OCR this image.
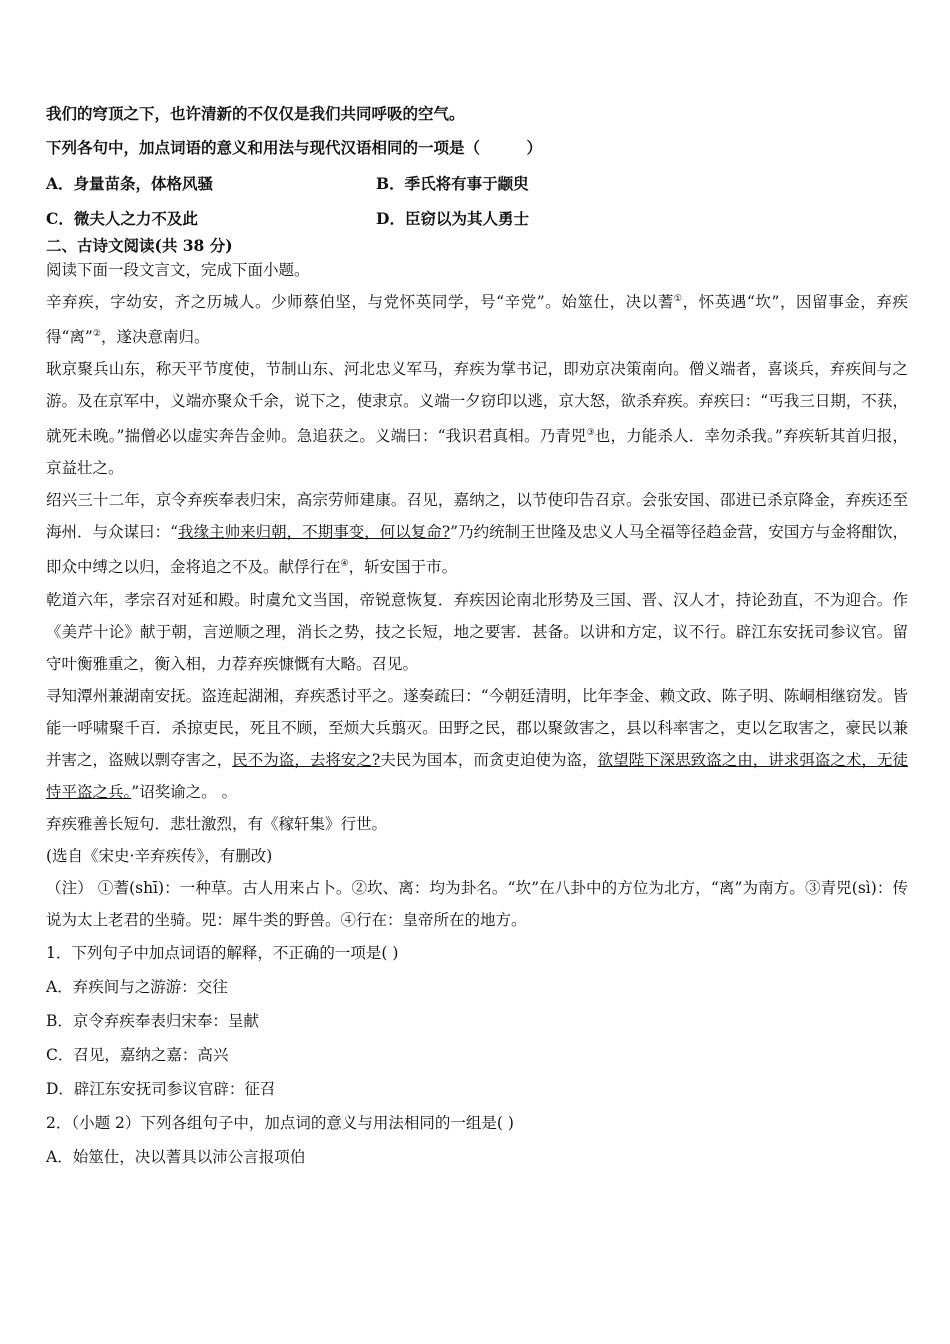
我们的穹顶之下，也许清新的不仅仅是我们共同呼吸的空气。
下列各句中，加点词语的意义和用法与现代汉语相同的一项是（　　　）
A．身量苗条，体格风骚	B．季氏将有事于颛臾
C．微夫人之力不及此	D．臣窃以为其人勇士
二、古诗文阅读(共 38 分)
阅读下面一段文言文，完成下面小题。

辛弃疾，字幼安，齐之历城人。少师蔡伯坚，与党怀英同学，号“辛党”。始筮仕，决以蓍①，怀英遇“坎”，因留事金，弃疾得“离”②，遂决意南归。

耿京聚兵山东，称天平节度使，节制山东、河北忠义军马，弃疾为掌书记，即劝京决策南向。僧义端者，喜谈兵，弃疾间与之游。及在京军中，义端亦聚众千余，说下之，使隶京。义端一夕窃印以逃，京大怒，欲杀弃疾。弃疾曰：“丐我三日期，不获，就死未晚。”揣僧必以虚实奔告金帅。急追获之。义端曰：“我识君真相。乃青兕③也，力能杀人．幸勿杀我。”弃疾斩其首归报，京益壮之。

绍兴三十二年，京令弃疾奉表归宋，高宗劳师建康。召见，嘉纳之，以节使印告召京。会张安国、邵进已杀京降金，弃疾还至海州．与众谋曰：“我缘主帅来归朝，不期事变，何以复命?”乃约统制王世隆及忠义人马全福等径趋金营，安国方与金将酣饮，即众中缚之以归，金将追之不及。献俘行在④，斩安国于市。

乾道六年，孝宗召对延和殿。时虞允文当国，帝锐意恢复．弃疾因论南北形势及三国、晋、汉人才，持论劲直，不为迎合。作《美芹十论》献于朝，言逆顺之理，消长之势，技之长短，地之要害．甚备。以讲和方定，议不行。辟江东安抚司参议官。留守叶衡雅重之，衡入相，力荐弃疾慷慨有大略。召见。

寻知潭州兼湖南安抚。盗连起湖湘，弃疾悉讨平之。遂奏疏曰：“今朝廷清明，比年李金、赖文政、陈子明、陈峒相继窃发。皆能一呼啸聚千百．杀掠吏民，死且不顾，至烦大兵翦灭。田野之民，郡以聚敛害之，县以科率害之，吏以乞取害之，豪民以兼并害之，盗贼以剽夺害之，民不为盗，去将安之?夫民为国本，而贪吏迫使为盗，欲望陛下深思致盗之由，讲求弭盗之术，无徒恃平盗之兵。”诏奖谕之。 。

弃疾雅善长短句．悲壮激烈，有《稼轩集》行世。

(选自《宋史·辛弃疾传》，有删改)

（注） ①蓍(shī)：一种草。古人用来占卜。②坎、离：均为卦名。“坎”在八卦中的方位为北方，“离”为南方。③青兕(sì)：传说为太上老君的坐骑。兕：犀牛类的野兽。④行在：皇帝所在的地方。

1．下列句子中加点词语的解释，不正确的一项是( )
A．弃疾间与之游游：交往
B．京令弃疾奉表归宋奉：呈献
C．召见，嘉纳之嘉：高兴
D．辟江东安抚司参议官辟：征召
2．（小题 2）下列各组句子中，加点词的意义与用法相同的一组是( )
A．始筮仕，决以蓍具以沛公言报项伯
